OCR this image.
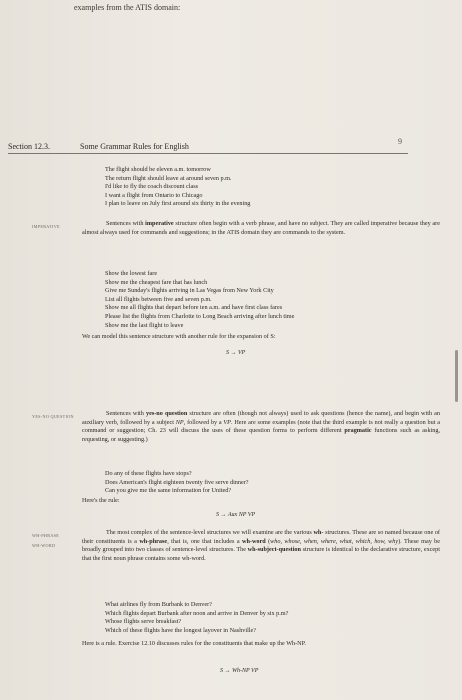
examples from the ATIS domain:
Section 12.3.	Some Grammar Rules for English
9
The flight should be eleven a.m. tomorrow
The return flight should leave at around seven p.m.
I'd like to fly the coach discount class
I want a flight from Ontario to Chicago
I plan to leave on July first around six thirty in the evening
IMPERATIVE	Sentences with imperative structure often begin with a verb phrase, and have no subject. They are called imperative because they are almost always used for commands and suggestions; in the ATIS domain they are commands to the system.
Show the lowest fare
Show me the cheapest fare that has lunch
Give me Sunday's flights arriving in Las Vegas from New York City
List all flights between five and seven p.m.
Show me all flights that depart before ten a.m. and have first class fares
Please list the flights from Charlotte to Long Beach arriving after lunch time
Show me the last flight to leave
We can model this sentence structure with another rule for the expansion of S:
S → VP
YES-NO QUESTION	Sentences with yes-no question structure are often (though not always) used to ask questions (hence the name), and begin with an auxiliary verb, followed by a subject NP, followed by a VP. Here are some examples (note that the third example is not really a question but a command or suggestion; Ch. 23 will discuss the uses of these question forms to perform different pragmatic functions such as asking, requesting, or suggesting.)
Do any of these flights have stops?
Does American's flight eighteen twenty five serve dinner?
Can you give me the same information for United?
Here's the rule:
S → Aux NP VP
WH-PHRASE
WH-WORD
The most complex of the sentence-level structures we will examine are the various wh- structures. These are so named because one of their constituents is a wh-phrase, that is, one that includes a wh-word (who, whose, when, where, what, which, how, why). These may be broadly grouped into two classes of sentence-level structures. The wh-subject-question structure is identical to the declarative structure, except that the first noun phrase contains some wh-word.
What airlines fly from Burbank to Denver?
Which flights depart Burbank after noon and arrive in Denver by six p.m?
Whose flights serve breakfast?
Which of these flights have the longest layover in Nashville?
Here is a rule. Exercise 12.10 discusses rules for the constituents that make up the Wh-NP.
S → Wh-NP VP
